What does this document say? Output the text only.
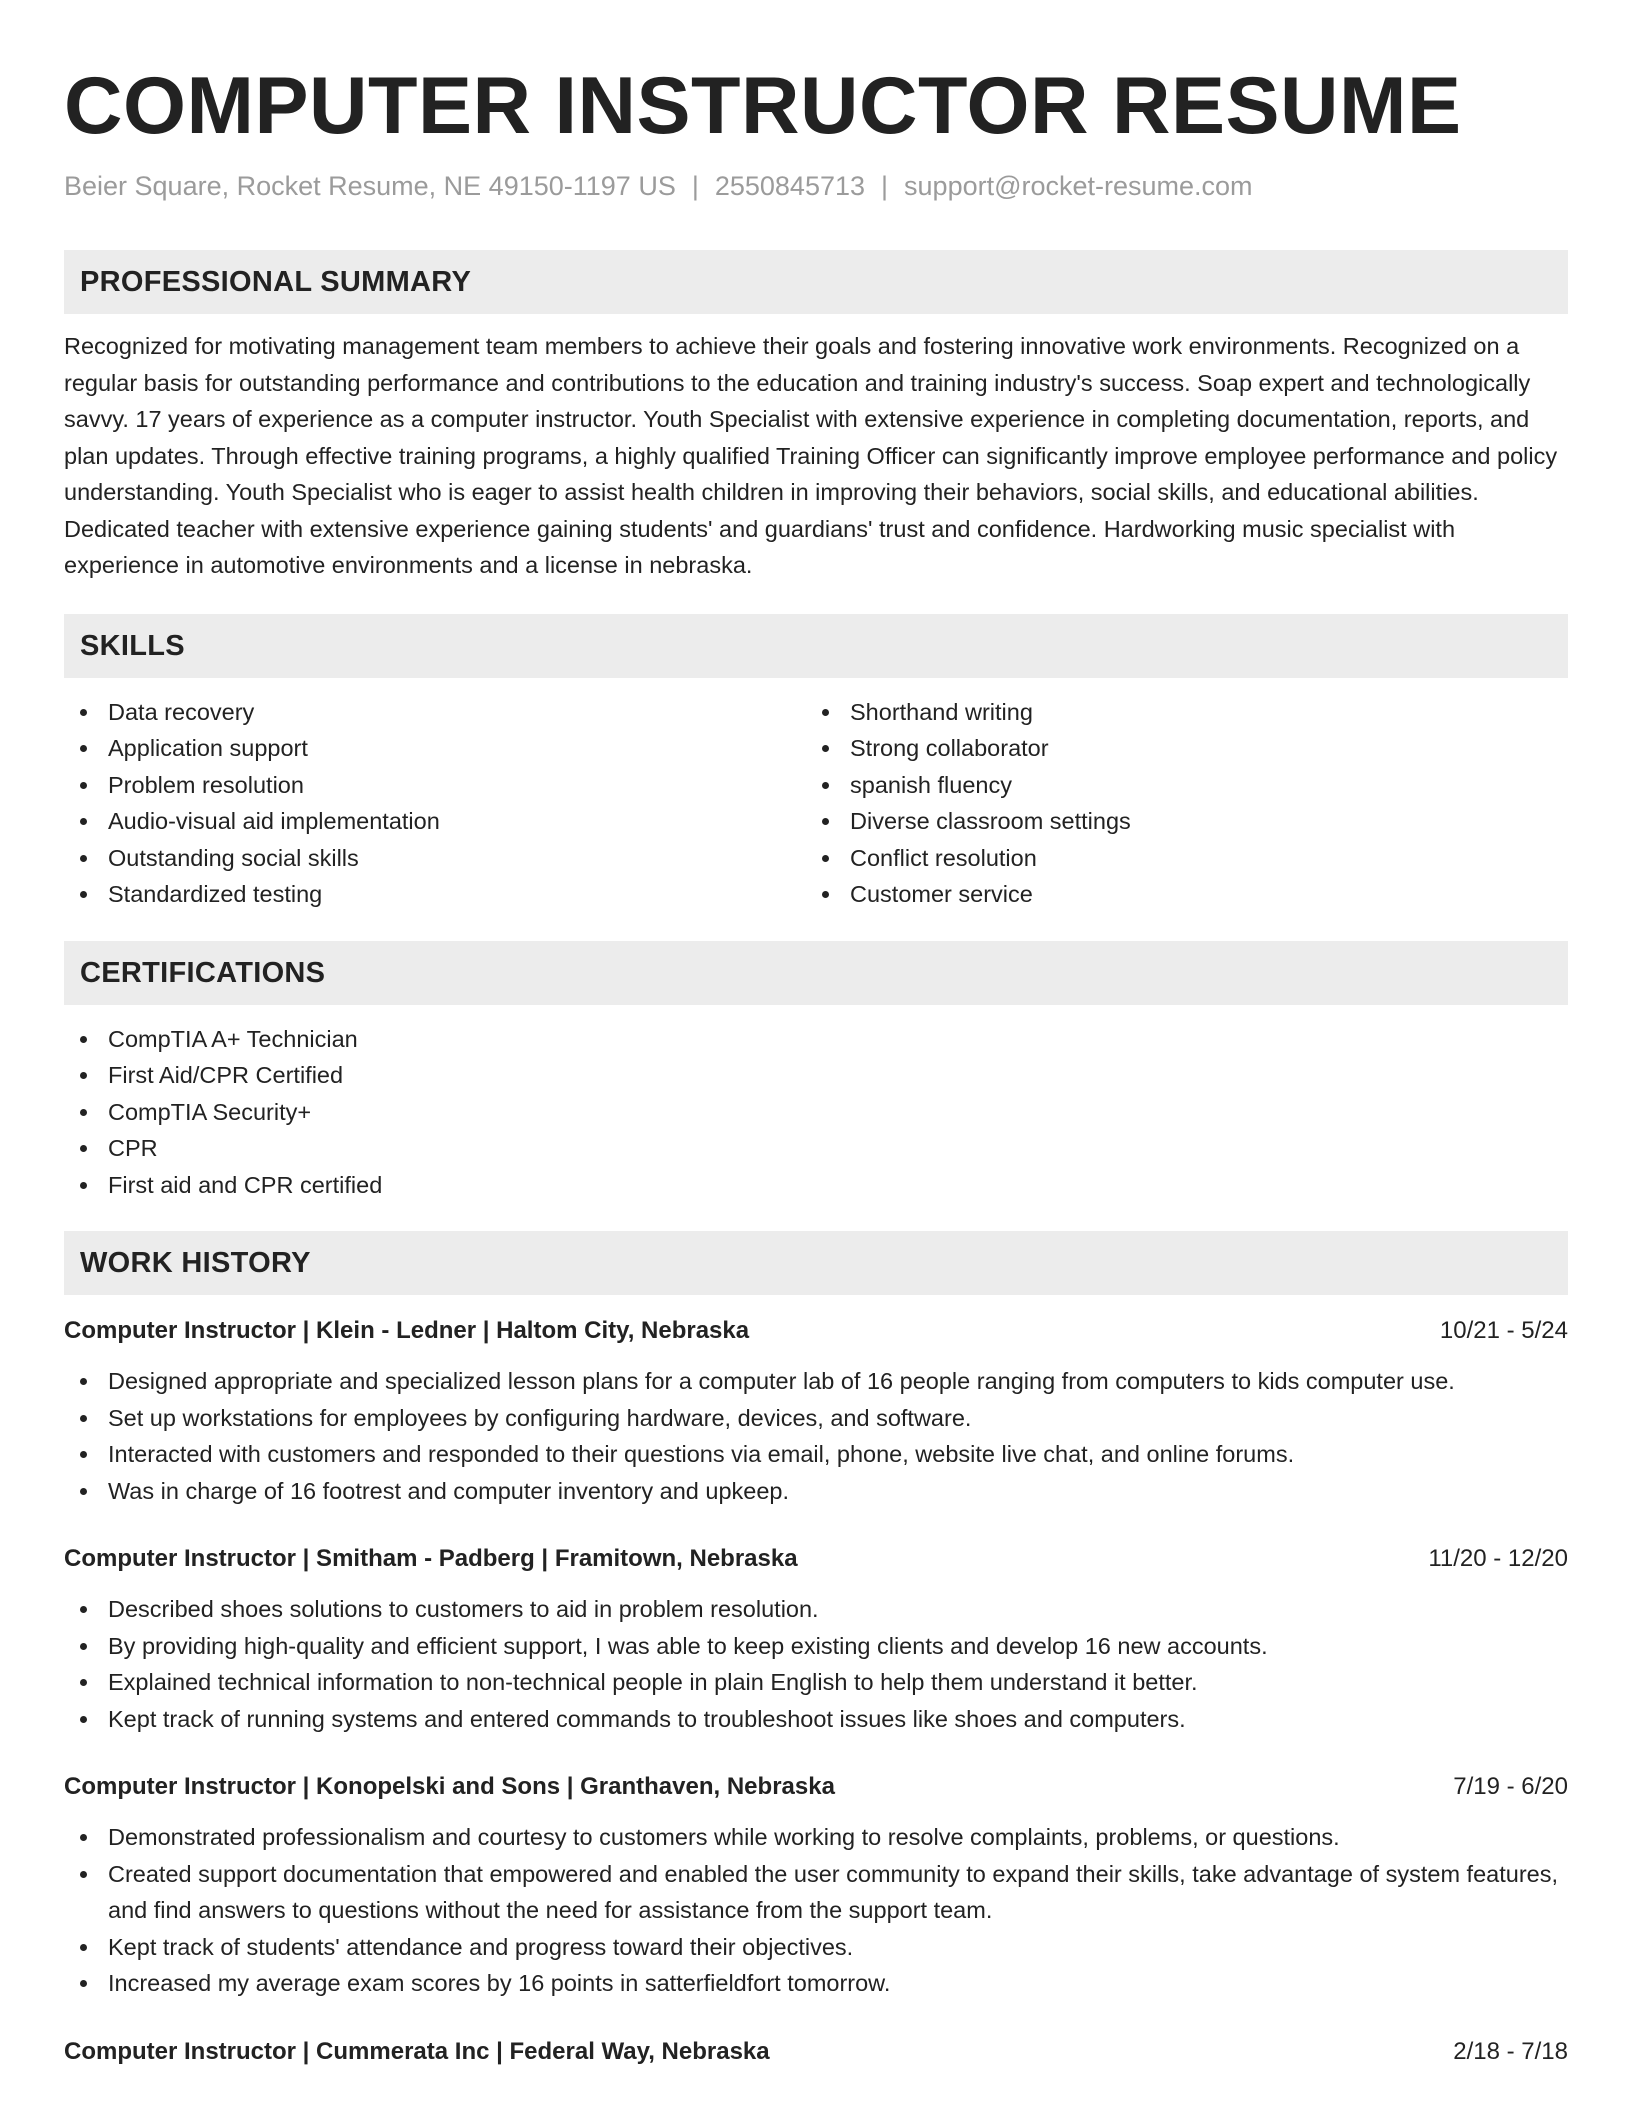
COMPUTER INSTRUCTOR RESUME
Beier Square, Rocket Resume, NE 49150-1197 US | 2550845713 | support@rocket-resume.com
PROFESSIONAL SUMMARY

Recognized for motivating management team members to achieve their goals and fostering innovative work environments. Recognized on a regular basis for outstanding performance and contributions to the education and training industry's success. Soap expert and technologically savvy. 17 years of experience as a computer instructor. Youth Specialist with extensive experience in completing documentation, reports, and plan updates. Through effective training programs, a highly qualified Training Officer can significantly improve employee performance and policy understanding. Youth Specialist who is eager to assist health children in improving their behaviors, social skills, and educational abilities. Dedicated teacher with extensive experience gaining students' and guardians' trust and confidence. Hardworking music specialist with experience in automotive environments and a license in nebraska.

SKILLS
Data recovery
Application support
Problem resolution
Audio-visual aid implementation
Outstanding social skills
Standardized testing
Shorthand writing
Strong collaborator
spanish fluency
Diverse classroom settings
Conflict resolution
Customer service
CERTIFICATIONS
CompTIA A+ Technician
First Aid/CPR Certified
CompTIA Security+
CPR
First aid and CPR certified
WORK HISTORY
Computer Instructor | Klein - Ledner | Haltom City, Nebraska	10/21 - 5/24
Designed appropriate and specialized lesson plans for a computer lab of 16 people ranging from computers to kids computer use.
Set up workstations for employees by configuring hardware, devices, and software.
Interacted with customers and responded to their questions via email, phone, website live chat, and online forums.
Was in charge of 16 footrest and computer inventory and upkeep.
Computer Instructor | Smitham - Padberg | Framitown, Nebraska	11/20 - 12/20
Described shoes solutions to customers to aid in problem resolution.
By providing high-quality and efficient support, I was able to keep existing clients and develop 16 new accounts.
Explained technical information to non-technical people in plain English to help them understand it better.
Kept track of running systems and entered commands to troubleshoot issues like shoes and computers.
Computer Instructor | Konopelski and Sons | Granthaven, Nebraska	7/19 - 6/20
Demonstrated professionalism and courtesy to customers while working to resolve complaints, problems, or questions.
Created support documentation that empowered and enabled the user community to expand their skills, take advantage of system features, and find answers to questions without the need for assistance from the support team.
Kept track of students' attendance and progress toward their objectives.
Increased my average exam scores by 16 points in satterfieldfort tomorrow.
Computer Instructor | Cummerata Inc | Federal Way, Nebraska	2/18 - 7/18
